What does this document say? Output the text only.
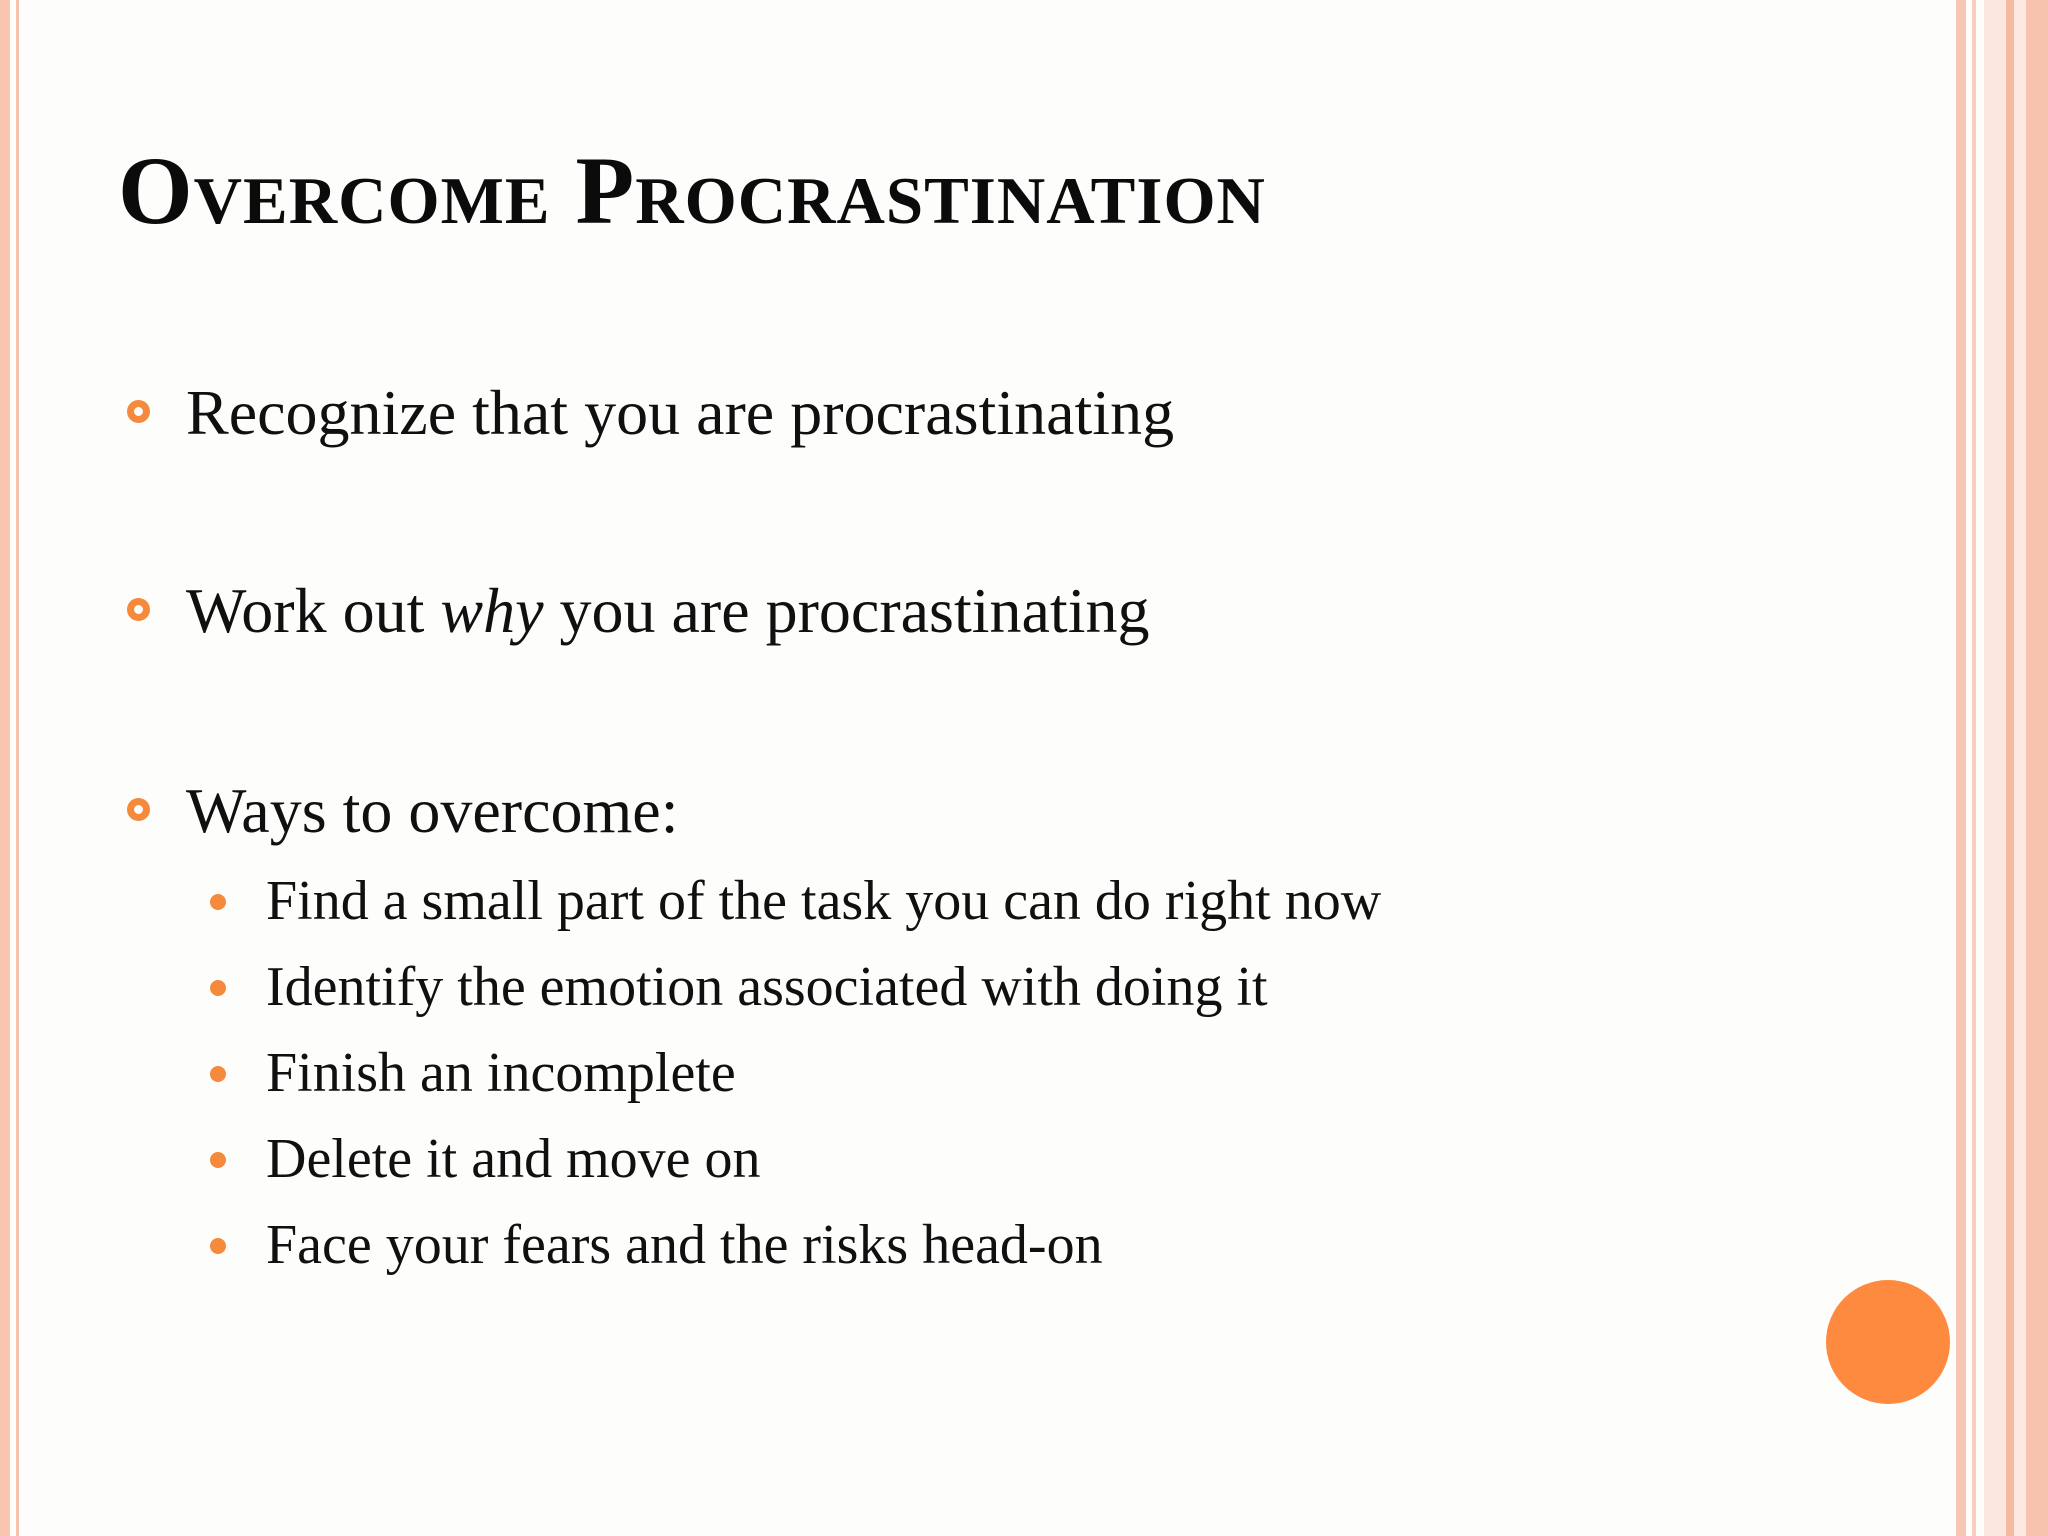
Overcome Procrastination
Recognize that you are procrastinating
Work out why you are procrastinating
Ways to overcome:
Find a small part of the task you can do right now
Identify the emotion associated with doing it
Finish an incomplete
Delete it and move on
Face your fears and the risks head-on
